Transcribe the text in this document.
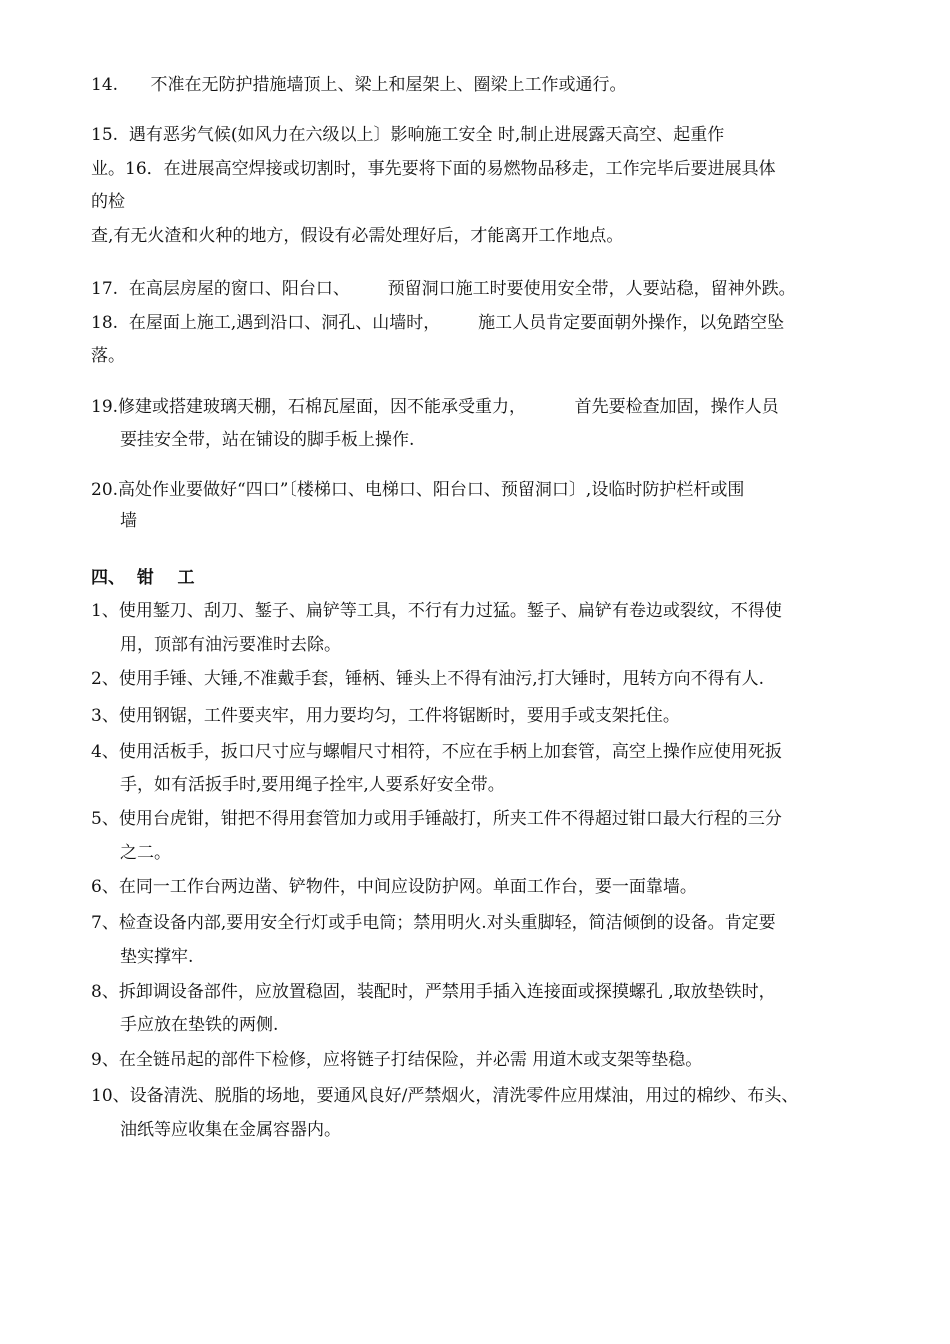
14.      不准在无防护措施墙顶上、梁上和屋架上、圈梁上工作或通行。
15.  遇有恶劣气候(如风力在六级以上〕影响施工安全 时,制止进展露天高空、起重作
业。16．在进展高空焊接或切割时，事先要将下面的易燃物品移走，工作完毕后要进展具体
的检
查,有无火渣和火种的地方，假设有必需处理好后，才能离开工作地点。
17.  在高层房屋的窗口、阳台口、       预留洞口施工时要使用安全带，人要站稳，留神外跌。
18.  在屋面上施工,遇到沿口、洞孔、山墙时，       施工人员肯定要面朝外操作，以免踏空坠
落。
19.修建或搭建玻璃天棚，石棉瓦屋面，因不能承受重力，         首先要检查加固，操作人员
要挂安全带，站在铺设的脚手板上操作.
20.高处作业要做好“四口”〔楼梯口、电梯口、阳台口、预留洞口〕,设临时防护栏杆或围
墙
四、  钳    工
1、使用錾刀、刮刀、錾子、扁铲等工具，不行有力过猛。錾子、扁铲有卷边或裂纹，不得使
用，顶部有油污要准时去除。
2、使用手锤、大锤,不准戴手套，锤柄、锤头上不得有油污,打大锤时，甩转方向不得有人.
3、使用钢锯，工件要夹牢，用力要均匀，工件将锯断时，要用手或支架托住。
4、使用活板手，扳口尺寸应与螺帽尺寸相符，不应在手柄上加套管，高空上操作应使用死扳
手，如有活扳手时,要用绳子拴牢,人要系好安全带。
5、使用台虎钳，钳把不得用套管加力或用手锤敲打，所夹工件不得超过钳口最大行程的三分
之二。
6、在同一工作台两边凿、铲物件，中间应设防护网。单面工作台，要一面靠墙。
7、检查设备内部,要用安全行灯或手电筒；禁用明火.对头重脚轻，简洁倾倒的设备。肯定要
垫实撑牢.
8、拆卸调设备部件，应放置稳固，装配时，严禁用手插入连接面或探摸螺孔 ,取放垫铁时，
手应放在垫铁的两侧.
9、在全链吊起的部件下检修，应将链子打结保险，并必需 用道木或支架等垫稳。
10、设备清洗、脱脂的场地，要通风良好/严禁烟火，清洗零件应用煤油，用过的棉纱、布头、
油纸等应收集在金属容器内。
